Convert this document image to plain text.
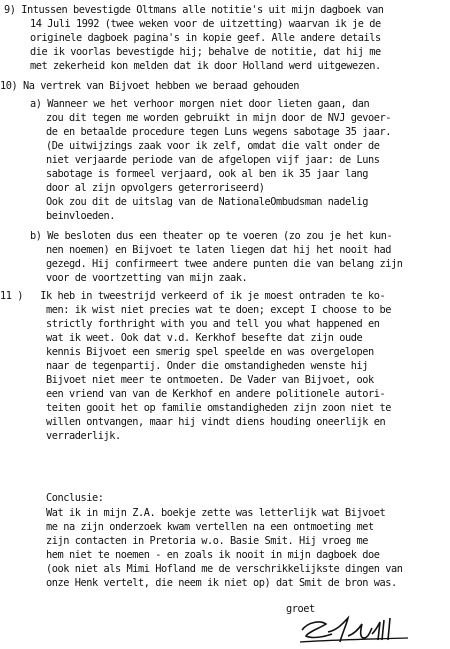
9) Intussen bevestigde Oltmans alle notitie's uit mijn dagboek van
14 Juli 1992 (twee weken voor de uitzetting) waarvan ik je de
originele dagboek pagina's in kopie geef. Alle andere details
die ik voorlas bevestigde hij; behalve de notitie, dat hij me
met zekerheid kon melden dat ik door Holland werd uitgewezen.
10) Na vertrek van Bijvoet hebben we beraad gehouden
a) Wanneer we het verhoor morgen niet door lieten gaan, dan
zou dit tegen me worden gebruikt in mijn door de NVJ gevoer-
de en betaalde procedure tegen Luns wegens sabotage 35 jaar.
(De uitwijzings zaak voor ik zelf, omdat die valt onder de
niet verjaarde periode van de afgelopen vijf jaar: de Luns
sabotage is formeel verjaard, ook al ben ik 35 jaar lang
door al zijn opvolgers geterroriseerd)
Ook zou dit de uitslag van de NationaleOmbudsman nadelig
beinvloeden.
b) We besloten dus een theater op te voeren (zo zou je het kun-
nen noemen) en Bijvoet te laten liegen dat hij het nooit had
gezegd. Hij confirmeert twee andere punten die van belang zijn
voor de voortzetting van mijn zaak.
11 )   Ik heb in tweestrijd verkeerd of ik je moest ontraden te ko-
men: ik wist niet precies wat te doen; except I choose to be
strictly forthright with you and tell you what happened en
wat ik weet. Ook dat v.d. Kerkhof besefte dat zijn oude
kennis Bijvoet een smerig spel speelde en was overgelopen
naar de tegenpartij. Onder die omstandigheden wenste hij
Bijvoet niet meer te ontmoeten. De Vader van Bijvoet, ook
een vriend van van de Kerkhof en andere politionele autori-
teiten gooit het op familie omstandigheden zijn zoon niet te
willen ontvangen, maar hij vindt diens houding oneerlijk en
verraderlijk.
Conclusie:
Wat ik in mijn Z.A. boekje zette was letterlijk wat Bijvoet
me na zijn onderzoek kwam vertellen na een ontmoeting met
zijn contacten in Pretoria w.o. Basie Smit. Hij vroeg me
hem niet te noemen - en zoals ik nooit in mijn dagboek doe
(ook niet als Mimi Hofland me de verschrikkelijkste dingen van
onze Henk vertelt, die neem ik niet op) dat Smit de bron was.
groet
